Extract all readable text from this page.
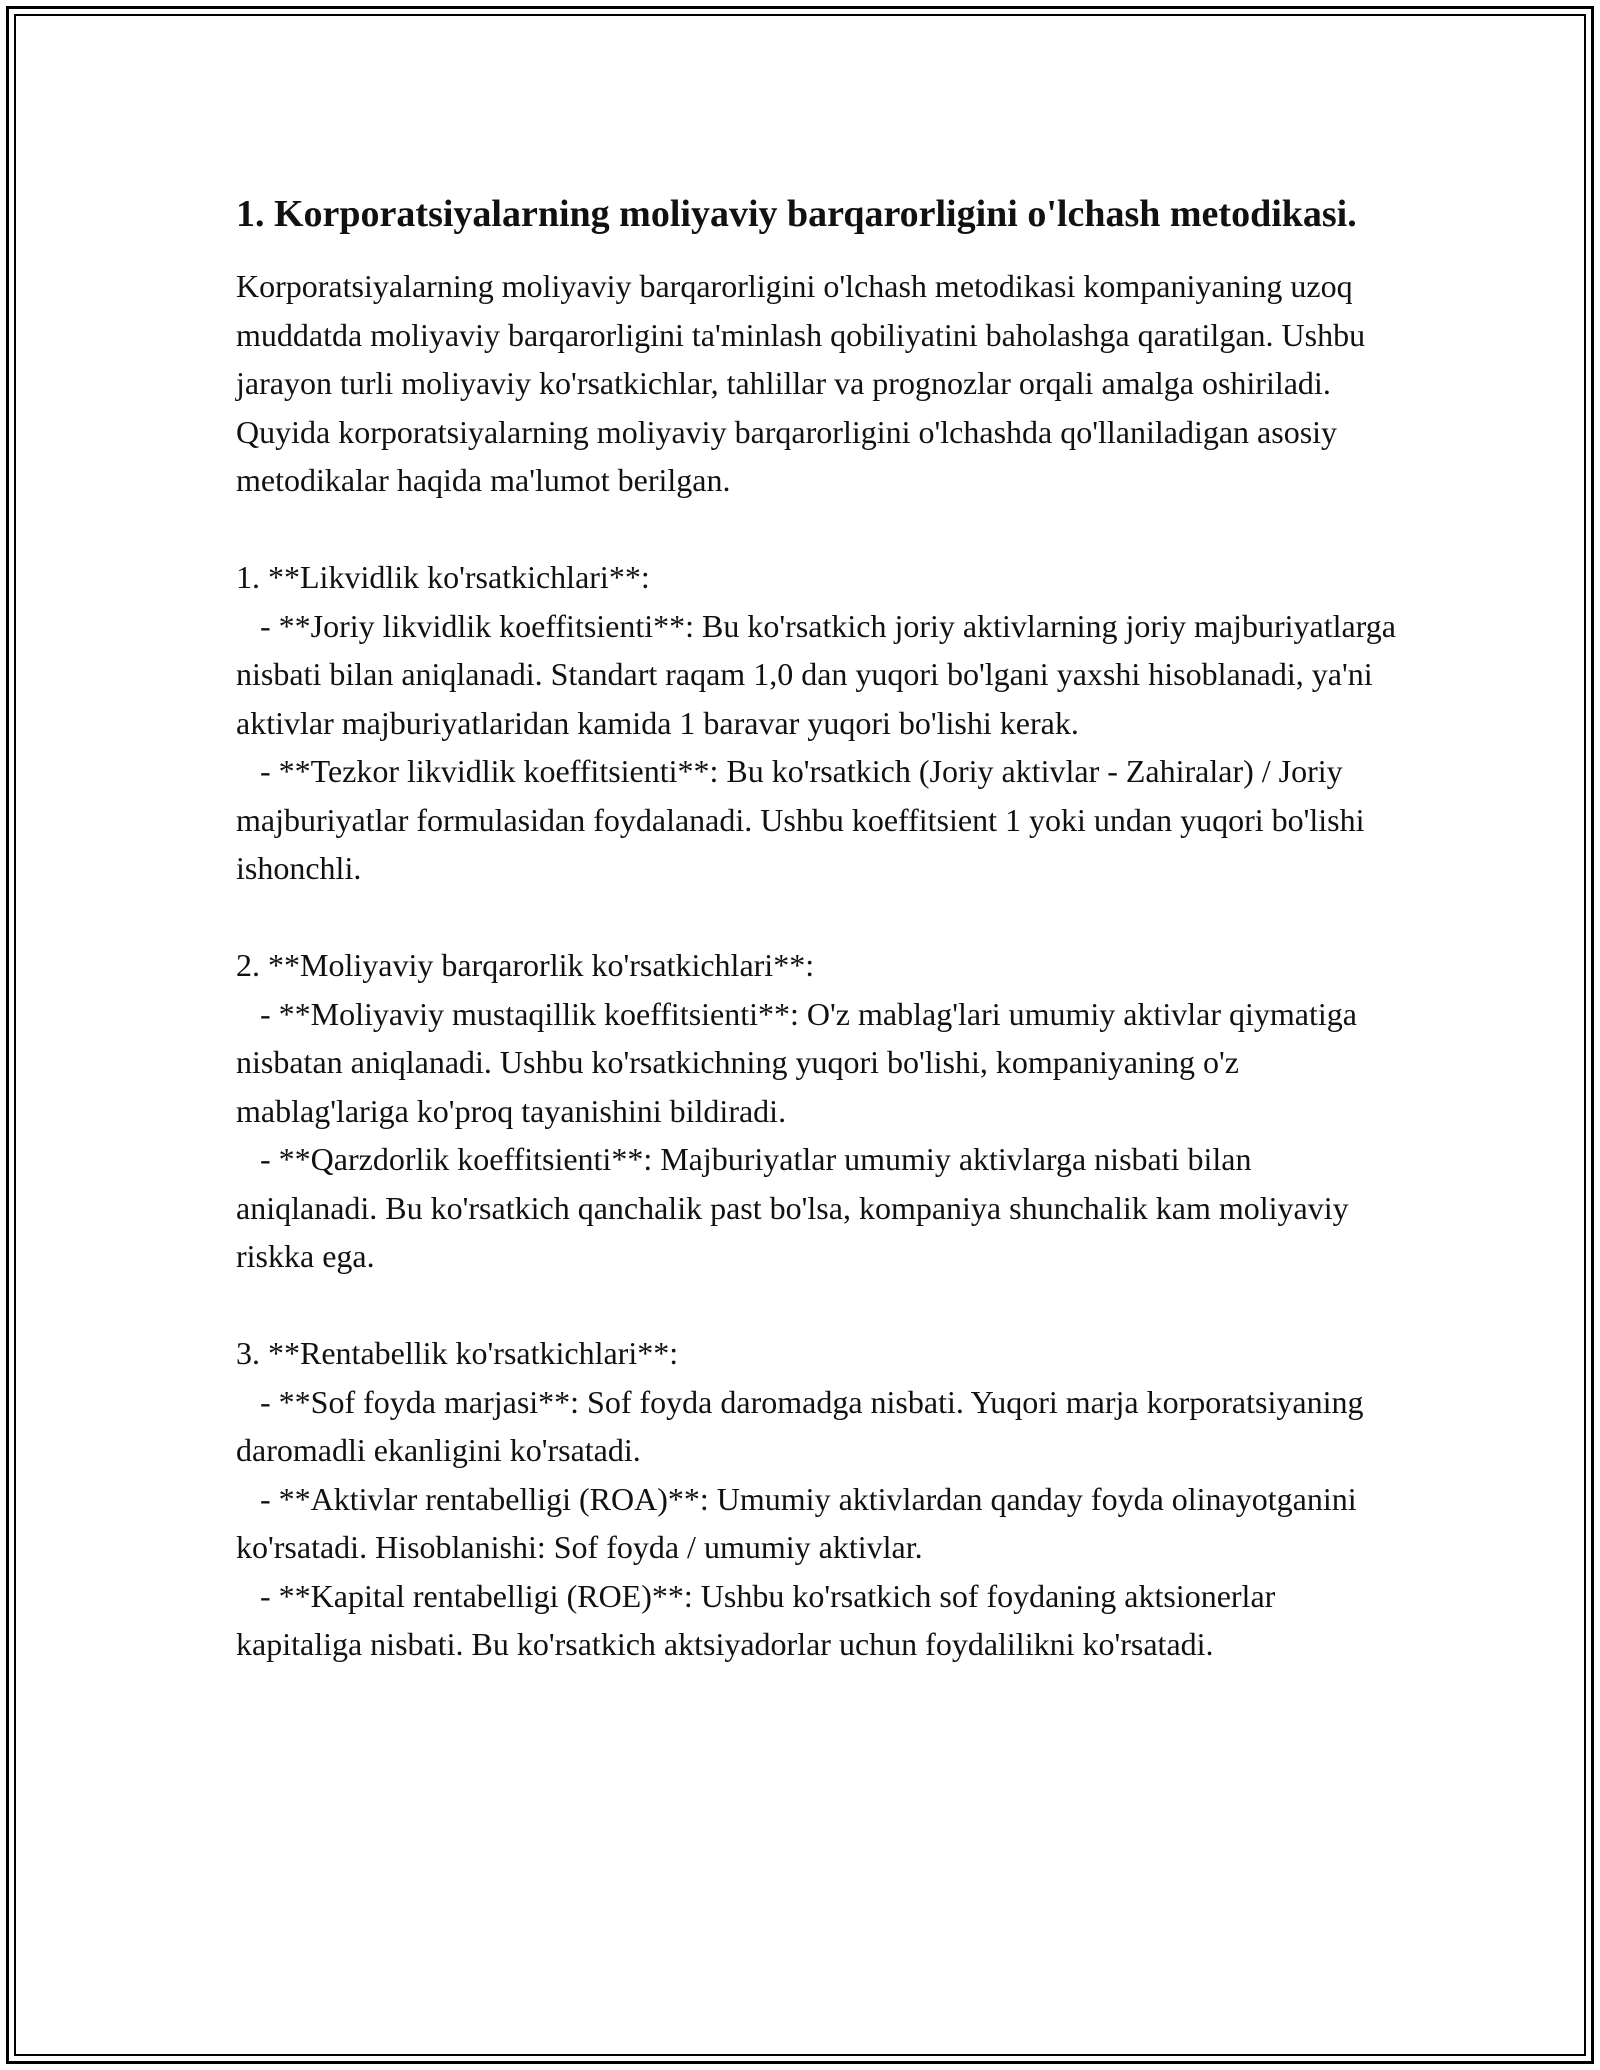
1. Korporatsiyalarning moliyaviy barqarorligini o'lchash metodikasi.

Korporatsiyalarning moliyaviy barqarorligini o'lchash metodikasi kompaniyaning uzoq muddatda moliyaviy barqarorligini ta'minlash qobiliyatini baholashga qaratilgan. Ushbu jarayon turli moliyaviy ko'rsatkichlar, tahlillar va prognozlar orqali amalga oshiriladi. Quyida korporatsiyalarning moliyaviy barqarorligini o'lchashda qo'llaniladigan asosiy metodikalar haqida ma'lumot berilgan.

1. **Likvidlik ko'rsatkichlari**:

- **Joriy likvidlik koeffitsienti**: Bu ko'rsatkich joriy aktivlarning joriy majburiyatlarga nisbati bilan aniqlanadi. Standart raqam 1,0 dan yuqori bo'lgani yaxshi hisoblanadi, ya'ni aktivlar majburiyatlaridan kamida 1 baravar yuqori bo'lishi kerak.

- **Tezkor likvidlik koeffitsienti**: Bu ko'rsatkich (Joriy aktivlar - Zahiralar) / Joriy majburiyatlar formulasidan foydalanadi. Ushbu koeffitsient 1 yoki undan yuqori bo'lishi ishonchli.

2. **Moliyaviy barqarorlik ko'rsatkichlari**:

- **Moliyaviy mustaqillik koeffitsienti**: O'z mablag'lari umumiy aktivlar qiymatiga nisbatan aniqlanadi. Ushbu ko'rsatkichning yuqori bo'lishi, kompaniyaning o'z mablag'lariga ko'proq tayanishini bildiradi.

- **Qarzdorlik koeffitsienti**: Majburiyatlar umumiy aktivlarga nisbati bilan aniqlanadi. Bu ko'rsatkich qanchalik past bo'lsa, kompaniya shunchalik kam moliyaviy riskka ega.

3. **Rentabellik ko'rsatkichlari**:

- **Sof foyda marjasi**: Sof foyda daromadga nisbati. Yuqori marja korporatsiyaning daromadli ekanligini ko'rsatadi.

- **Aktivlar rentabelligi (ROA)**: Umumiy aktivlardan qanday foyda olinayotganini ko'rsatadi. Hisoblanishi: Sof foyda / umumiy aktivlar.

- **Kapital rentabelligi (ROE)**: Ushbu ko'rsatkich sof foydaning aktsionerlar kapitaliga nisbati. Bu ko'rsatkich aktsiyadorlar uchun foydalilikni ko'rsatadi.
